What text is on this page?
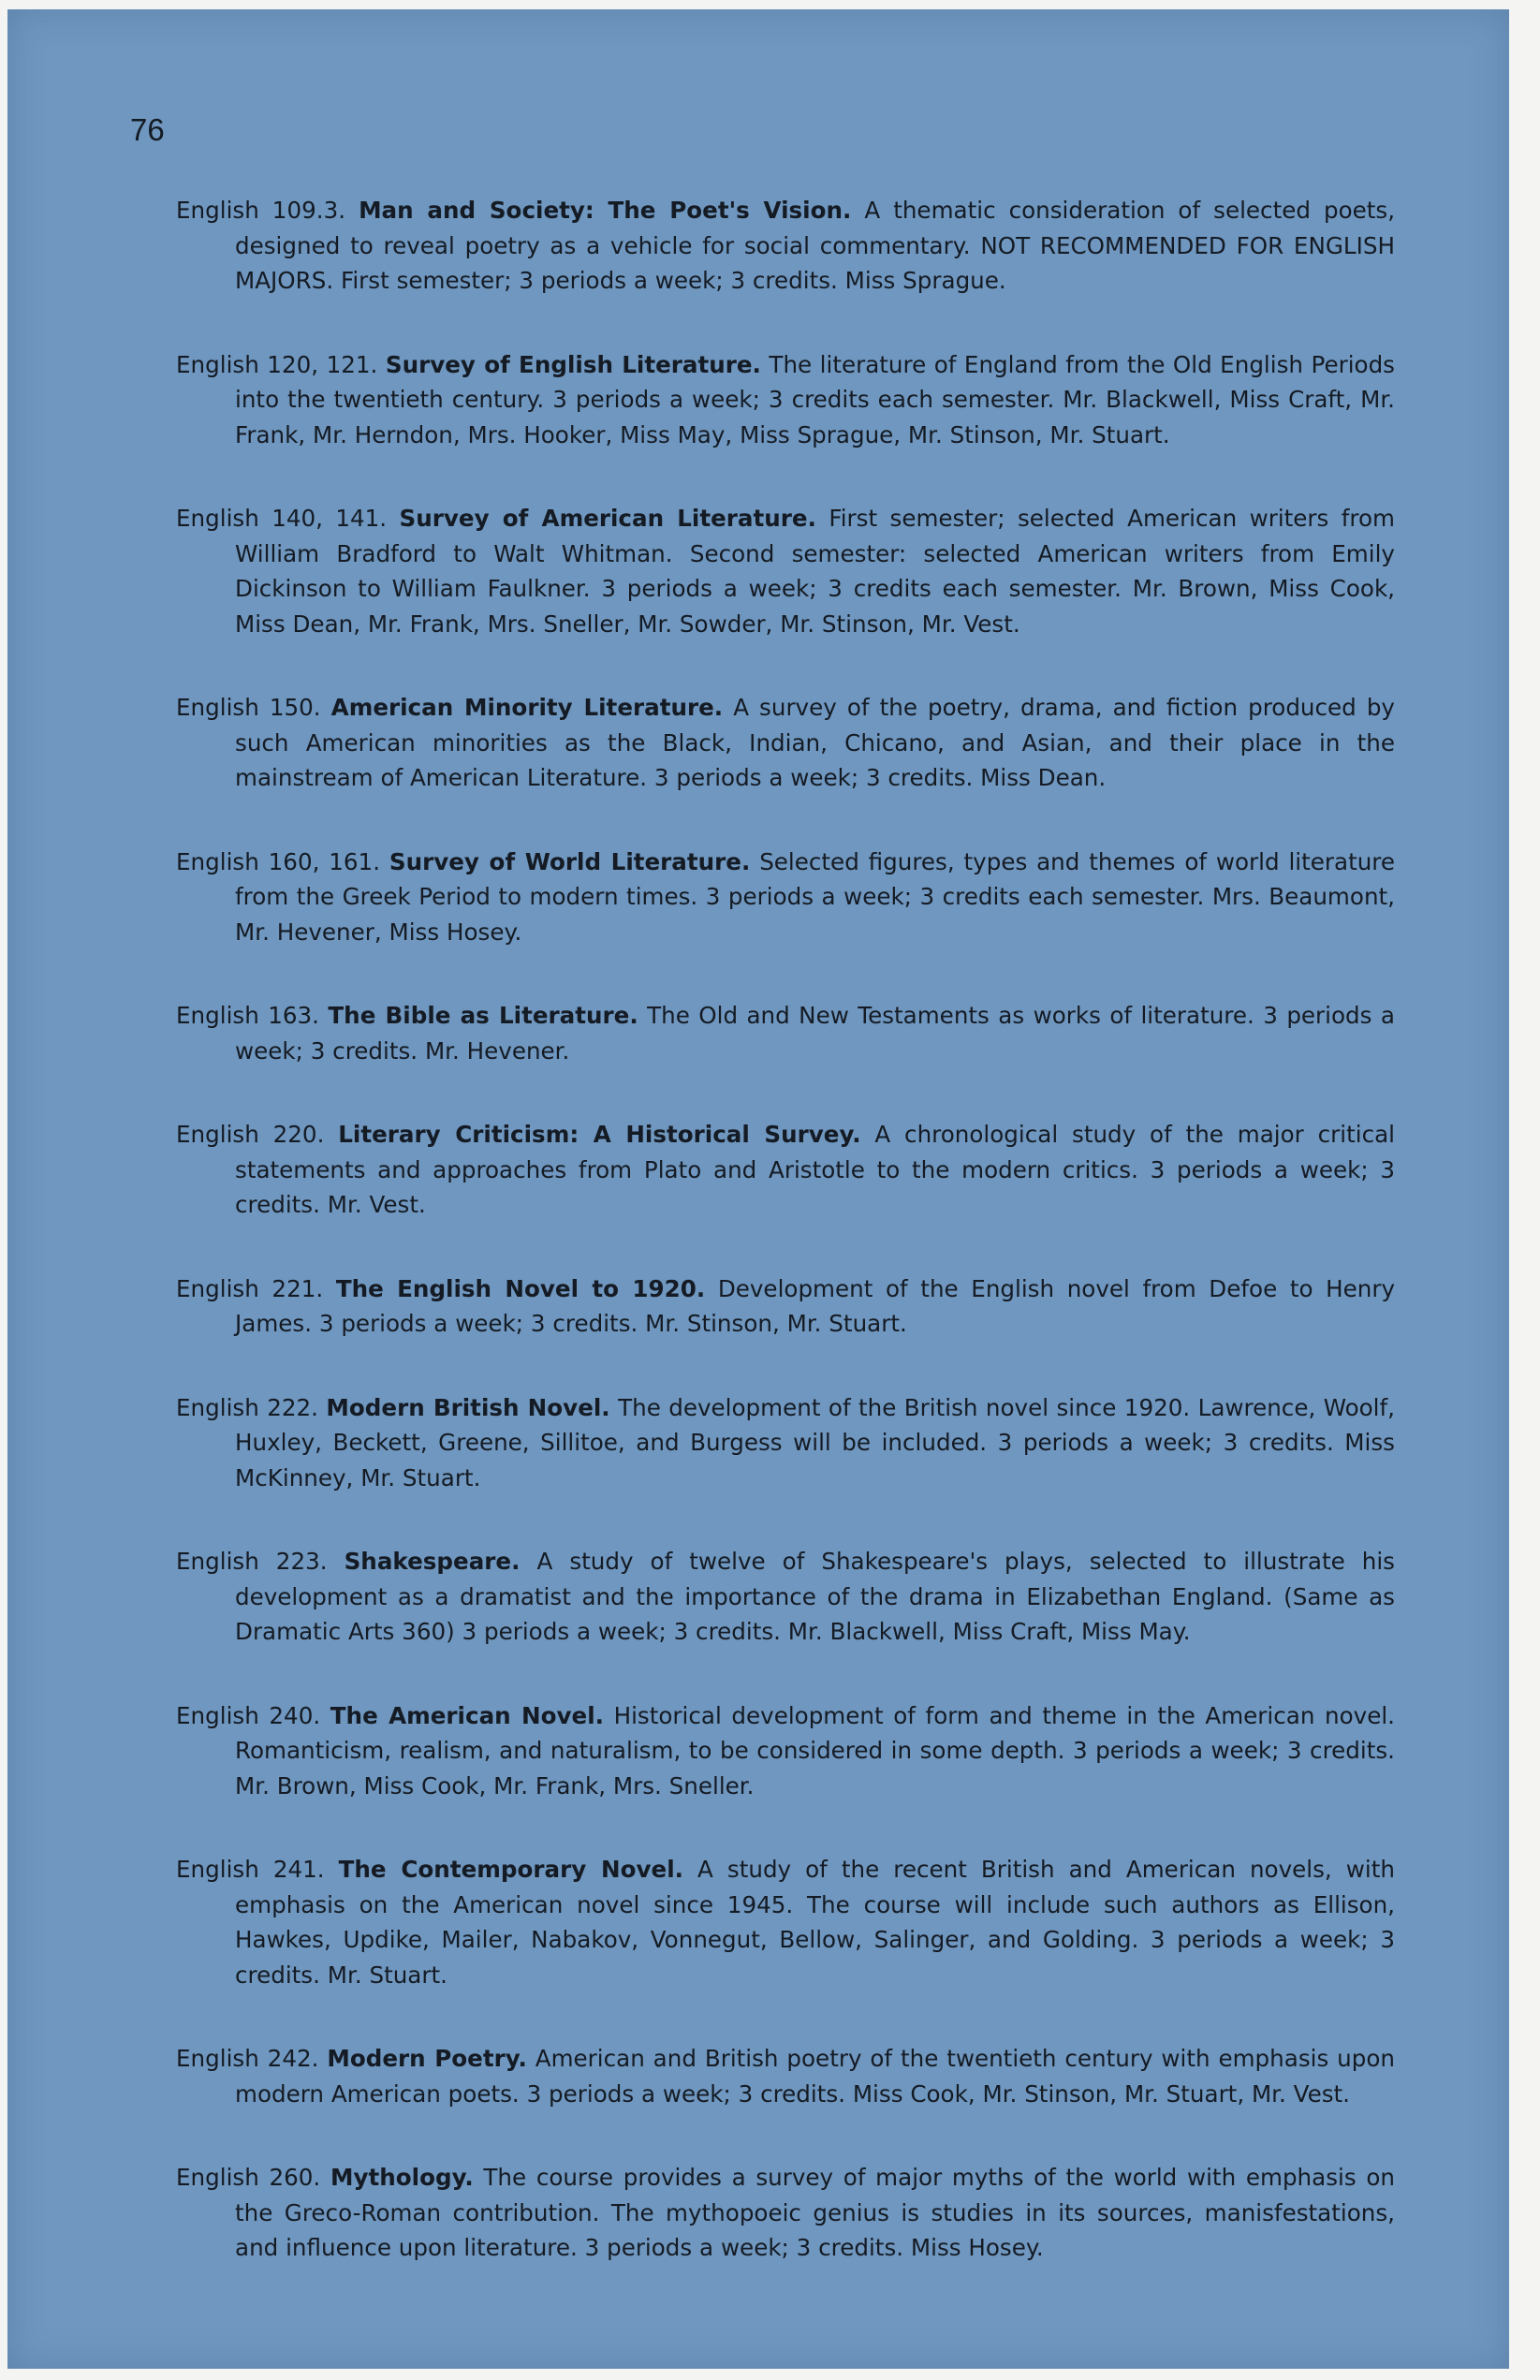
76

English 109.3. Man and Society: The Poet's Vision. A thematic consideration of selected poets, designed to reveal poetry as a vehicle for social commentary. NOT RECOMMENDED FOR ENGLISH MAJORS. First semester; 3 periods a week; 3 credits. Miss Sprague.

English 120, 121. Survey of English Literature. The literature of England from the Old English Periods into the twentieth century. 3 periods a week; 3 credits each semester. Mr. Blackwell, Miss Craft, Mr. Frank, Mr. Herndon, Mrs. Hooker, Miss May, Miss Sprague, Mr. Stinson, Mr. Stuart.

English 140, 141. Survey of American Literature. First semester; selected American writers from William Bradford to Walt Whitman. Second semester: selected American writers from Emily Dickinson to William Faulkner. 3 periods a week; 3 credits each semester. Mr. Brown, Miss Cook, Miss Dean, Mr. Frank, Mrs. Sneller, Mr. Sowder, Mr. Stinson, Mr. Vest.

English 150. American Minority Literature. A survey of the poetry, drama, and fiction produced by such American minorities as the Black, Indian, Chicano, and Asian, and their place in the mainstream of American Literature. 3 periods a week; 3 credits. Miss Dean.

English 160, 161. Survey of World Literature. Selected figures, types and themes of world literature from the Greek Period to modern times. 3 periods a week; 3 credits each semester. Mrs. Beaumont, Mr. Hevener, Miss Hosey.

English 163. The Bible as Literature. The Old and New Testaments as works of literature. 3 periods a week; 3 credits. Mr. Hevener.

English 220. Literary Criticism: A Historical Survey. A chronological study of the major critical statements and approaches from Plato and Aristotle to the modern critics. 3 periods a week; 3 credits. Mr. Vest.

English 221. The English Novel to 1920. Development of the English novel from Defoe to Henry James. 3 periods a week; 3 credits. Mr. Stinson, Mr. Stuart.

English 222. Modern British Novel. The development of the British novel since 1920. Lawrence, Woolf, Huxley, Beckett, Greene, Sillitoe, and Burgess will be included. 3 periods a week; 3 credits. Miss McKinney, Mr. Stuart.

English 223. Shakespeare. A study of twelve of Shakespeare's plays, selected to illustrate his development as a dramatist and the importance of the drama in Elizabethan England. (Same as Dramatic Arts 360) 3 periods a week; 3 credits. Mr. Blackwell, Miss Craft, Miss May.

English 240. The American Novel. Historical development of form and theme in the American novel. Romanticism, realism, and naturalism, to be considered in some depth. 3 periods a week; 3 credits. Mr. Brown, Miss Cook, Mr. Frank, Mrs. Sneller.

English 241. The Contemporary Novel. A study of the recent British and American novels, with emphasis on the American novel since 1945. The course will include such authors as Ellison, Hawkes, Updike, Mailer, Nabakov, Vonnegut, Bellow, Salinger, and Golding. 3 periods a week; 3 credits. Mr. Stuart.

English 242. Modern Poetry. American and British poetry of the twentieth century with emphasis upon modern American poets. 3 periods a week; 3 credits. Miss Cook, Mr. Stinson, Mr. Stuart, Mr. Vest.

English 260. Mythology. The course provides a survey of major myths of the world with emphasis on the Greco-Roman contribution. The mythopoeic genius is studies in its sources, manisfestations, and influence upon literature. 3 periods a week; 3 credits. Miss Hosey.
